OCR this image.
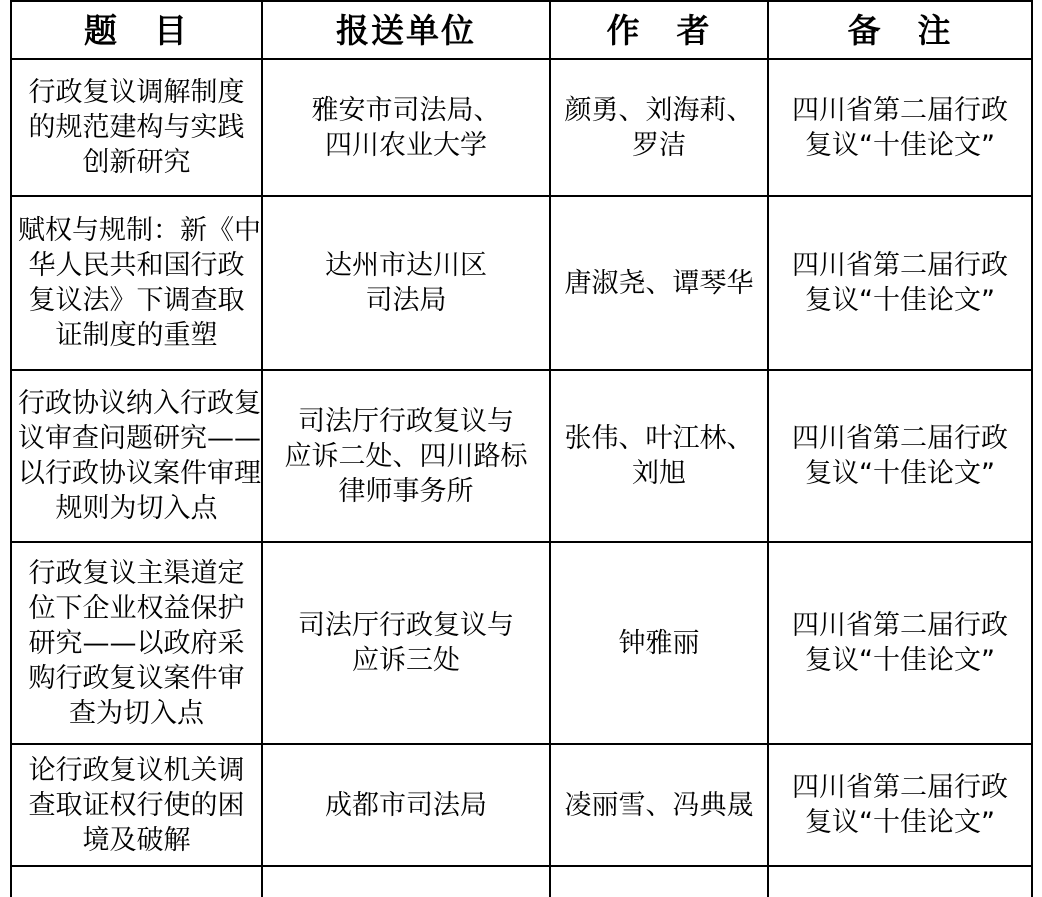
题　目	报送单位	作　者	备　注

行政复议调解制度
的规范建构与实践
创新研究	雅安市司法局、
四川农业大学	颜勇、刘海莉、
罗洁	四川省第二届行政
复议“十佳论文”

赋权与规制：新《中
华人民共和国行政
复议法》下调查取
证制度的重塑	达州市达川区
司法局	唐淑尧、谭琴华	四川省第二届行政
复议“十佳论文”

行政协议纳入行政复
议审查问题研究——
以行政协议案件审理
规则为切入点	司法厅行政复议与
应诉二处、四川路标
律师事务所	张伟、叶江林、
刘旭	四川省第二届行政
复议“十佳论文”

行政复议主渠道定
位下企业权益保护
研究——以政府采
购行政复议案件审
查为切入点	司法厅行政复议与
应诉三处	钟雅丽	四川省第二届行政
复议“十佳论文”

论行政复议机关调
查取证权行使的困
境及破解	成都市司法局	凌丽雪、冯典晟	四川省第二届行政
复议“十佳论文”
